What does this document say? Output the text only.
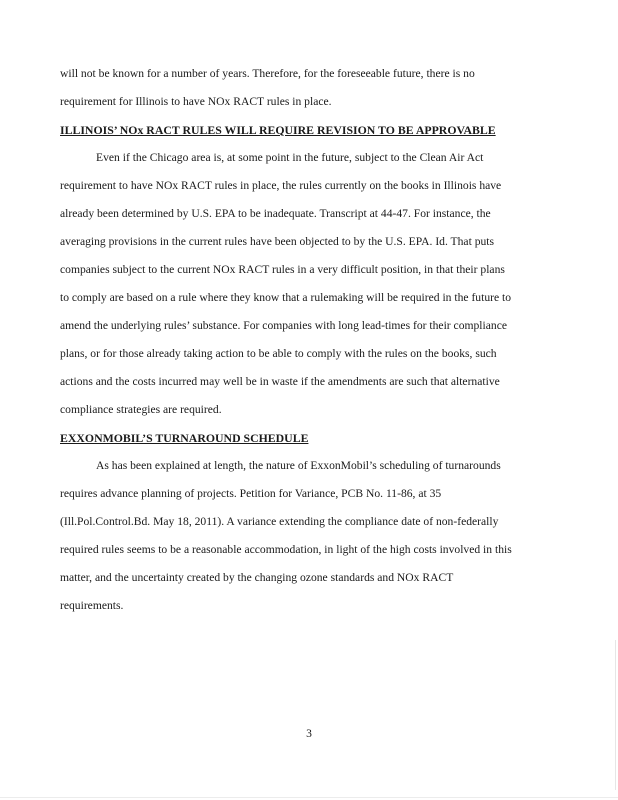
will not be known for a number of years. Therefore, for the foreseeable future, there is no
requirement for Illinois to have NOx RACT rules in place.
ILLINOIS’ NOx RACT RULES WILL REQUIRE REVISION TO BE APPROVABLE
Even if the Chicago area is, at some point in the future, subject to the Clean Air Act
requirement to have NOx RACT rules in place, the rules currently on the books in Illinois have
already been determined by U.S. EPA to be inadequate. Transcript at 44-47. For instance, the
averaging provisions in the current rules have been objected to by the U.S. EPA. Id. That puts
companies subject to the current NOx RACT rules in a very difficult position, in that their plans
to comply are based on a rule where they know that a rulemaking will be required in the future to
amend the underlying rules’ substance. For companies with long lead-times for their compliance
plans, or for those already taking action to be able to comply with the rules on the books, such
actions and the costs incurred may well be in waste if the amendments are such that alternative
compliance strategies are required.
EXXONMOBIL’S TURNAROUND SCHEDULE
As has been explained at length, the nature of ExxonMobil’s scheduling of turnarounds
requires advance planning of projects. Petition for Variance, PCB No. 11-86, at 35
(Ill.Pol.Control.Bd. May 18, 2011). A variance extending the compliance date of non-federally
required rules seems to be a reasonable accommodation, in light of the high costs involved in this
matter, and the uncertainty created by the changing ozone standards and NOx RACT
requirements.
3
